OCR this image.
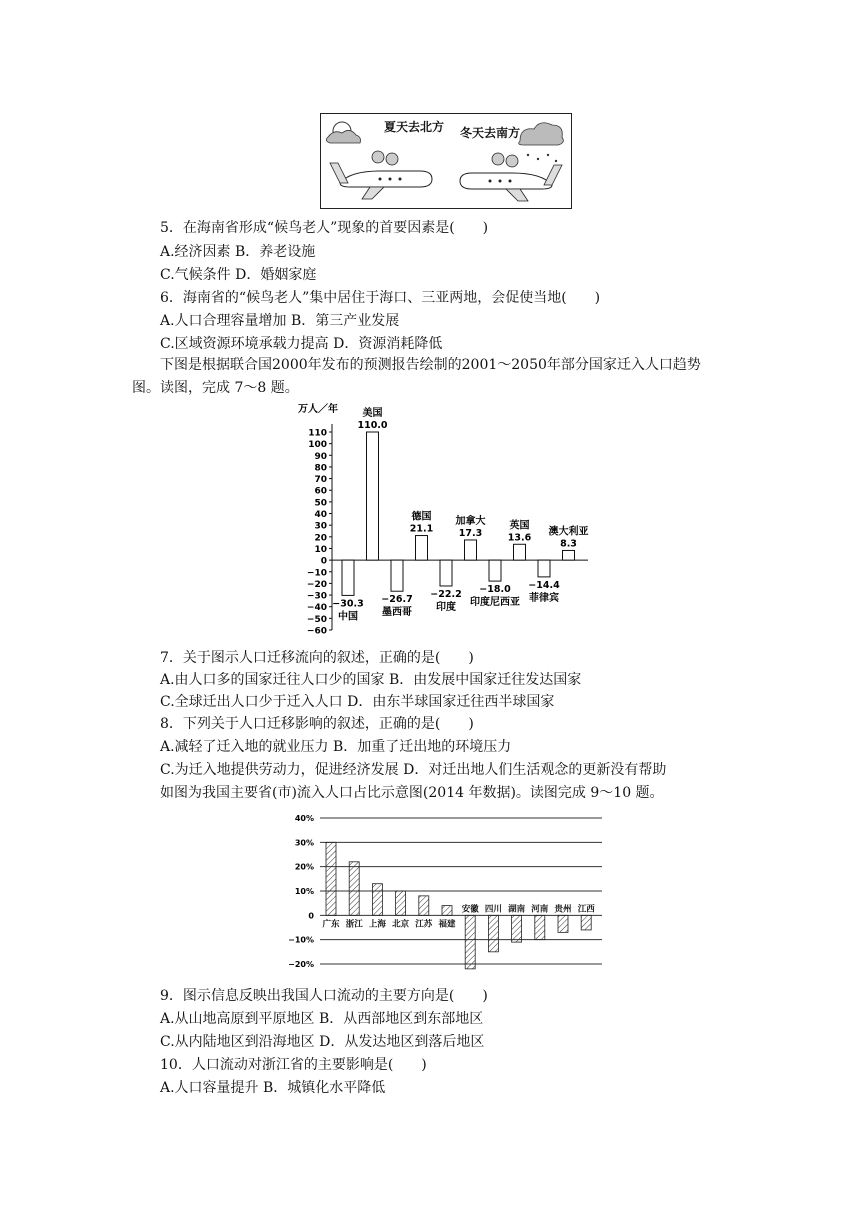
夏天去北方 冬天去南方
5．在海南省形成“候鸟老人”现象的首要因素是(　　)
A.经济因素 B．养老设施
C.气候条件 D．婚姻家庭
6．海南省的“候鸟老人”集中居住于海口、三亚两地，会促使当地(　　)
A.人口合理容量增加 B．第三产业发展
C.区域资源环境承载力提高 D．资源消耗降低
下图是根据联合国2000年发布的预测报告绘制的2001～2050年部分国家迁入人口趋势
图。读图，完成 7～8 题。
万人／年
110
100
90
80
70
60
50
40
30
20
10
0
−10
−20
−30
−40
−50
−60
−30.3
中国
110.0
美国
−26.7
墨西哥
21.1
德国
−22.2
印度
17.3
加拿大
−18.0
印度尼西亚
13.6
英国
−14.4
菲律宾
8.3
澳大利亚
7．关于图示人口迁移流向的叙述，正确的是(　　)
A.由人口多的国家迁往人口少的国家 B．由发展中国家迁往发达国家
C.全球迁出人口少于迁入人口 D．由东半球国家迁往西半球国家
8．下列关于人口迁移影响的叙述，正确的是(　　)
A.减轻了迁入地的就业压力 B．加重了迁出地的环境压力
C.为迁入地提供劳动力，促进经济发展 D．对迁出地人们生活观念的更新没有帮助
如图为我国主要省(市)流入人口占比示意图(2014 年数据)。读图完成 9～10 题。
40%
30%
20%
10%
0
−10%
−20%
广东 浙江 上海 北京 江苏 福建
安徽 四川 湖南 河南 贵州 江西
9．图示信息反映出我国人口流动的主要方向是(　　)
A.从山地高原到平原地区 B．从西部地区到东部地区
C.从内陆地区到沿海地区 D．从发达地区到落后地区
10．人口流动对浙江省的主要影响是(　　)
A.人口容量提升 B．城镇化水平降低
